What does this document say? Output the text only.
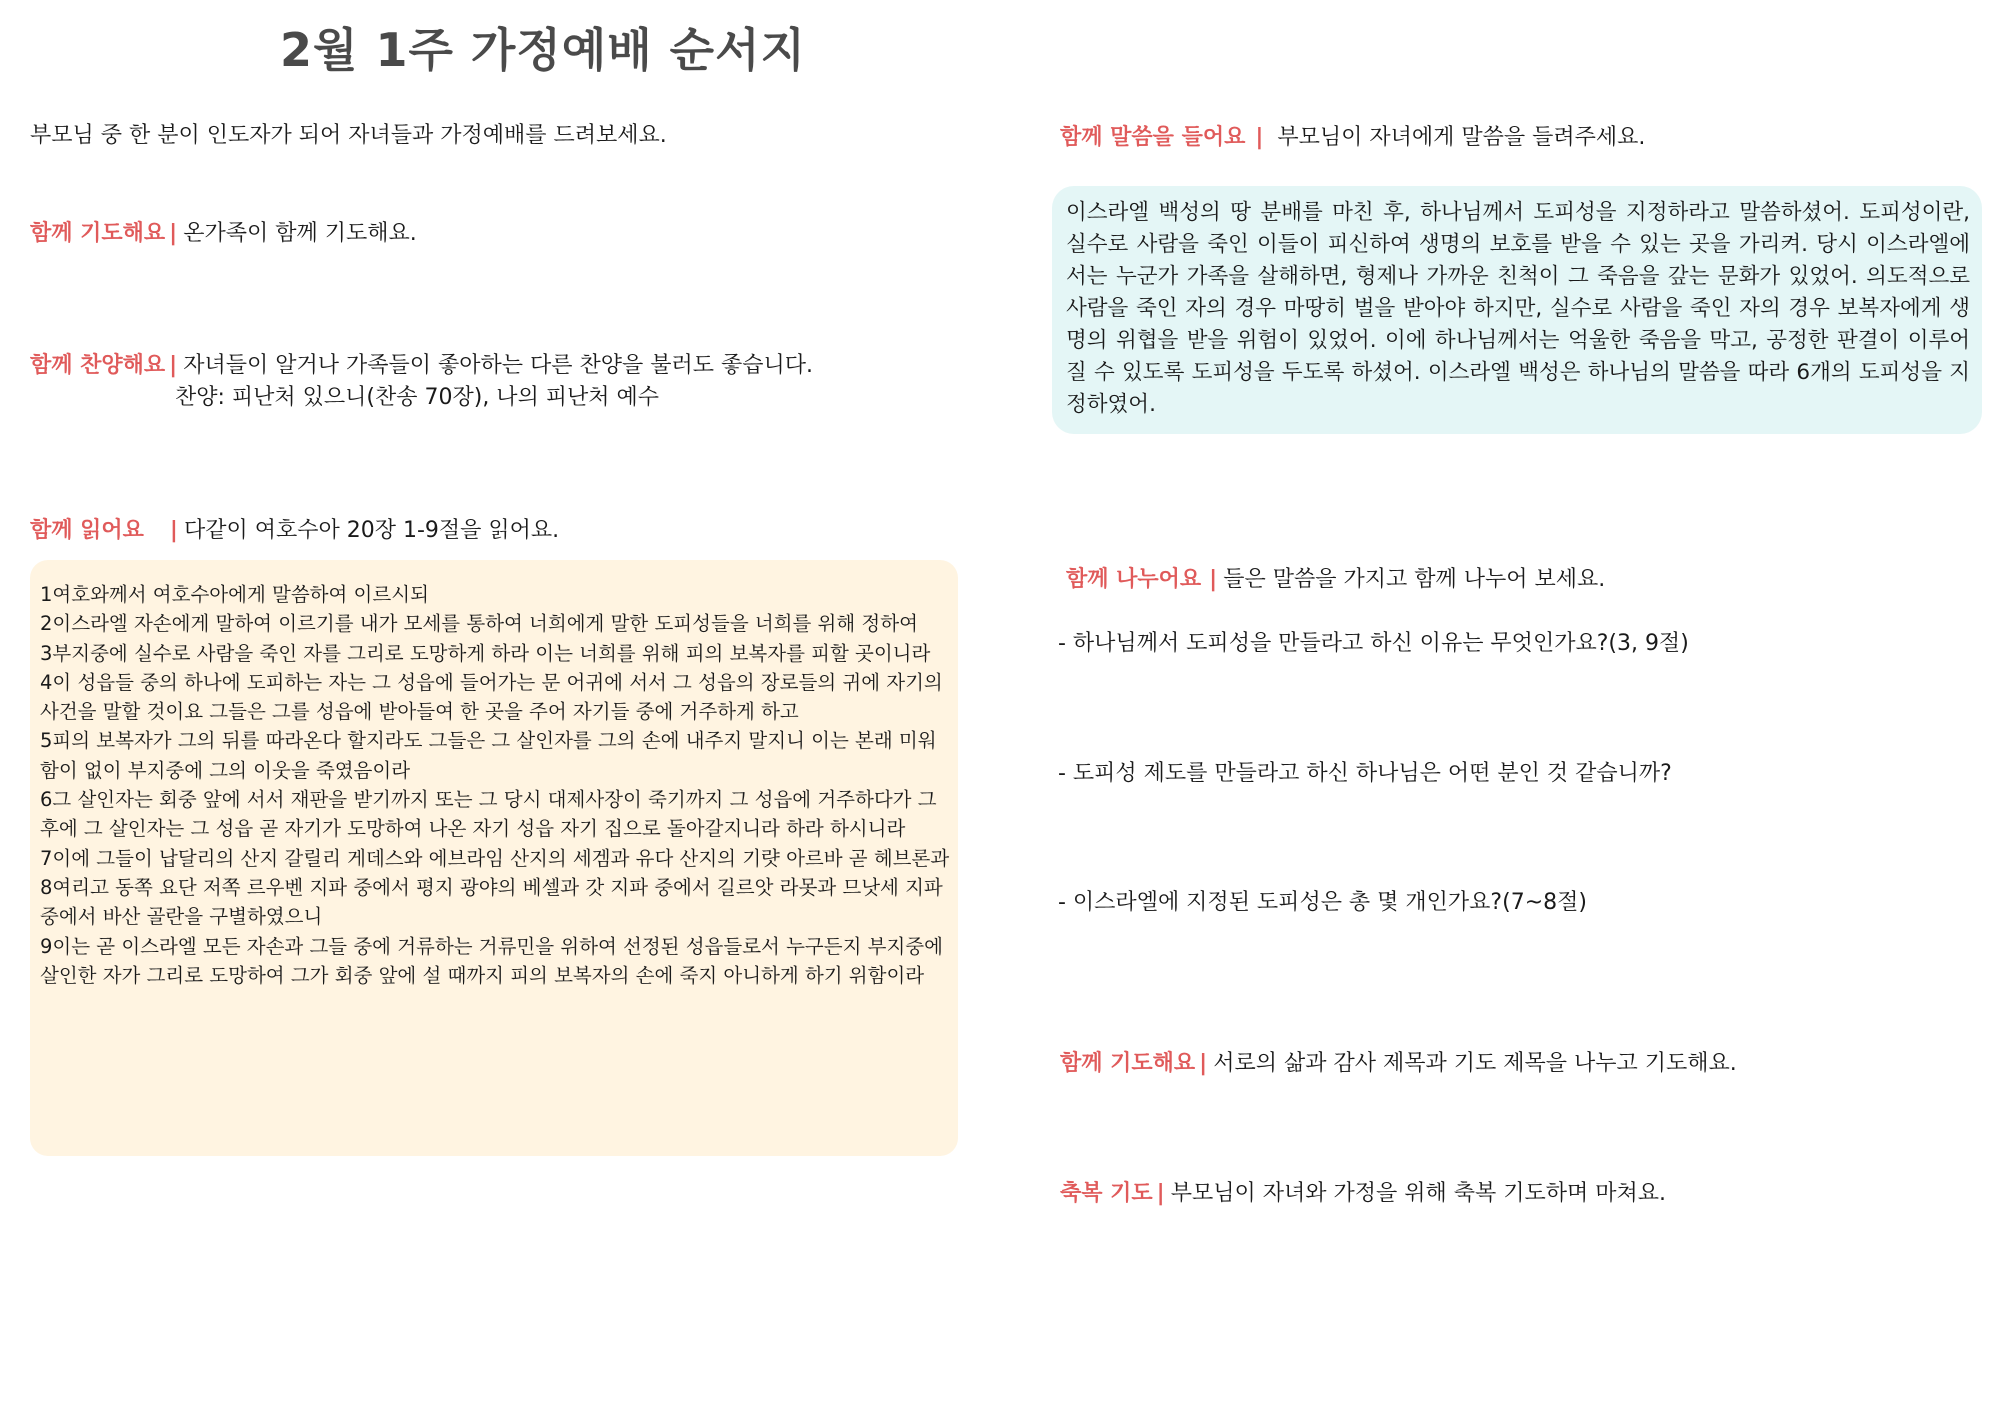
2월 1주 가정예배 순서지
부모님 중 한 분이 인도자가 되어 자녀들과 가정예배를 드려보세요.
함께 기도해요 | 온가족이 함께 기도해요.
함께 찬양해요 | 자녀들이 알거나 가족들이 좋아하는 다른 찬양을 불러도 좋습니다.
찬양: 피난처 있으니(찬송 70장), 나의 피난처 예수
함께 읽어요 | 다같이 여호수아 20장 1-9절을 읽어요.
1여호와께서 여호수아에게 말씀하여 이르시되
2이스라엘 자손에게 말하여 이르기를 내가 모세를 통하여 너희에게 말한 도피성들을 너희를 위해 정하여
3부지중에 실수로 사람을 죽인 자를 그리로 도망하게 하라 이는 너희를 위해 피의 보복자를 피할 곳이니라
4이 성읍들 중의 하나에 도피하는 자는 그 성읍에 들어가는 문 어귀에 서서 그 성읍의 장로들의 귀에 자기의 사건을 말할 것이요 그들은 그를 성읍에 받아들여 한 곳을 주어 자기들 중에 거주하게 하고
5피의 보복자가 그의 뒤를 따라온다 할지라도 그들은 그 살인자를 그의 손에 내주지 말지니 이는 본래 미워함이 없이 부지중에 그의 이웃을 죽였음이라
6그 살인자는 회중 앞에 서서 재판을 받기까지 또는 그 당시 대제사장이 죽기까지 그 성읍에 거주하다가 그 후에 그 살인자는 그 성읍 곧 자기가 도망하여 나온 자기 성읍 자기 집으로 돌아갈지니라 하라 하시니라
7이에 그들이 납달리의 산지 갈릴리 게데스와 에브라임 산지의 세겜과 유다 산지의 기럇 아르바 곧 헤브론과
8여리고 동쪽 요단 저쪽 르우벤 지파 중에서 평지 광야의 베셀과 갓 지파 중에서 길르앗 라못과 므낫세 지파 중에서 바산 골란을 구별하였으니
9이는 곧 이스라엘 모든 자손과 그들 중에 거류하는 거류민을 위하여 선정된 성읍들로서 누구든지 부지중에 살인한 자가 그리로 도망하여 그가 회중 앞에 설 때까지 피의 보복자의 손에 죽지 아니하게 하기 위함이라
함께 말씀을 들어요 | 부모님이 자녀에게 말씀을 들려주세요.
이스라엘 백성의 땅 분배를 마친 후, 하나님께서 도피성을 지정하라고 말씀하셨어. 도피성이란, 실수로 사람을 죽인 이들이 피신하여 생명의 보호를 받을 수 있는 곳을 가리켜. 당시 이스라엘에서는 누군가 가족을 살해하면, 형제나 가까운 친척이 그 죽음을 갚는 문화가 있었어. 의도적으로 사람을 죽인 자의 경우 마땅히 벌을 받아야 하지만, 실수로 사람을 죽인 자의 경우 보복자에게 생명의 위협을 받을 위험이 있었어. 이에 하나님께서는 억울한 죽음을 막고, 공정한 판결이 이루어질 수 있도록 도피성을 두도록 하셨어. 이스라엘 백성은 하나님의 말씀을 따라 6개의 도피성을 지정하였어.
함께 나누어요 | 들은 말씀을 가지고 함께 나누어 보세요.
- 하나님께서 도피성을 만들라고 하신 이유는 무엇인가요?(3, 9절)
- 도피성 제도를 만들라고 하신 하나님은 어떤 분인 것 같습니까?
- 이스라엘에 지정된 도피성은 총 몇 개인가요?(7~8절)
함께 기도해요 | 서로의 삶과 감사 제목과 기도 제목을 나누고 기도해요.
축복 기도 | 부모님이 자녀와 가정을 위해 축복 기도하며 마쳐요.
